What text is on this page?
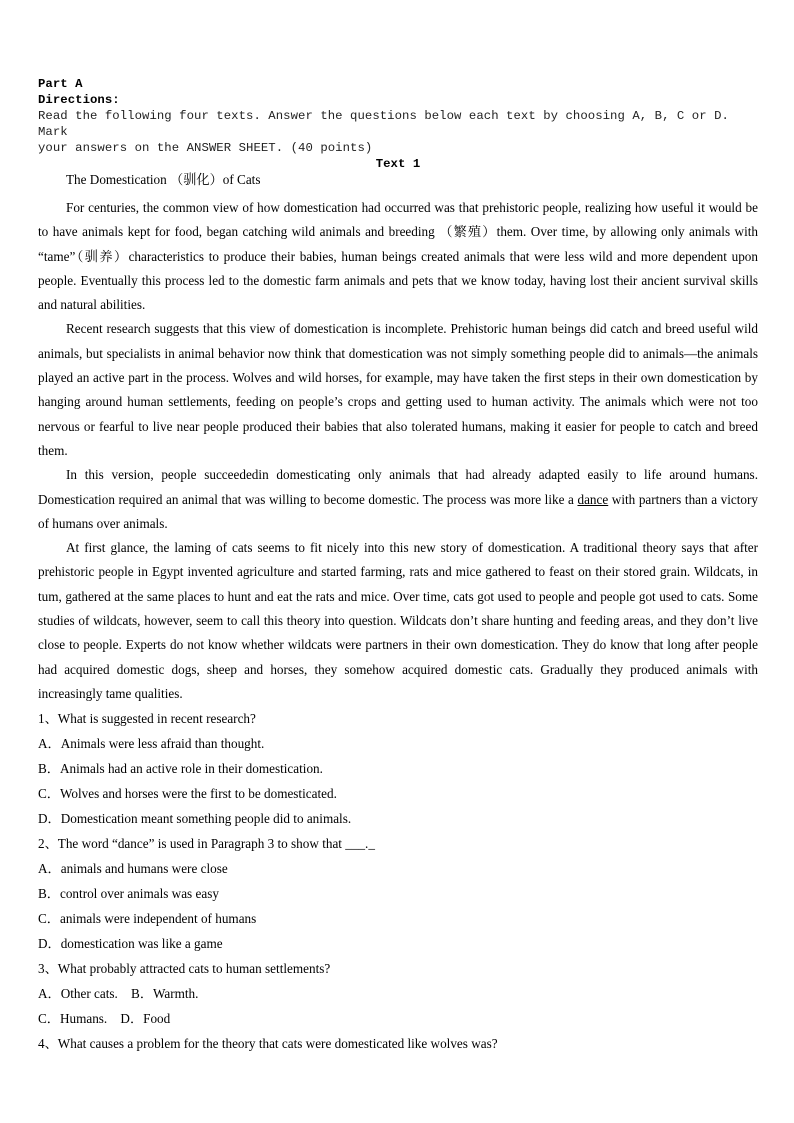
Part A
Directions:
Read the following four texts. Answer the questions below each text by choosing A, B, C or D. Mark
your answers on the ANSWER SHEET. (40 points)
Text 1
The Domestication （驯化）of Cats

For centuries, the common view of how domestication had occurred was that prehistoric people, realizing how useful it would be to have animals kept for food, began catching wild animals and breeding （繁殖）them. Over time, by allowing only animals with “tame”（驯养）characteristics to produce their babies, human beings created animals that were less wild and more dependent upon people. Eventually this process led to the domestic farm animals and pets that we know today, having lost their ancient survival skills and natural abilities.

Recent research suggests that this view of domestication is incomplete. Prehistoric human beings did catch and breed useful wild animals, but specialists in animal behavior now think that domestication was not simply something people did to animals—the animals played an active part in the process. Wolves and wild horses, for example, may have taken the first steps in their own domestication by hanging around human settlements, feeding on people’s crops and getting used to human activity. The animals which were not too nervous or fearful to live near people produced their babies that also tolerated humans, making it easier for people to catch and breed them.

In this version, people succeededin domesticating only animals that had already adapted easily to life around humans. Domestication required an animal that was willing to become domestic. The process was more like a dance with partners than a victory of humans over animals.

At first glance, the laming of cats seems to fit nicely into this new story of domestication. A traditional theory says that after prehistoric people in Egypt invented agriculture and started farming, rats and mice gathered to feast on their stored grain. Wildcats, in tum, gathered at the same places to hunt and eat the rats and mice. Over time, cats got used to people and people got used to cats. Some studies of wildcats, however, seem to call this theory into question. Wildcats don’t share hunting and feeding areas, and they don’t live close to people. Experts do not know whether wildcats were partners in their own domestication. They do know that long after people had acquired domestic dogs, sheep and horses, they somehow acquired domestic cats. Gradually they produced animals with increasingly tame qualities.

1、What is suggested in recent research?

A．Animals were less afraid than thought.

B．Animals had an active role in their domestication.

C．Wolves and horses were the first to be domesticated.

D．Domestication meant something people did to animals.

2、The word “dance” is used in Paragraph 3 to show that ___._

A．animals and humans were close

B．control over animals was easy

C．animals were independent of humans

D．domestication was like a game

3、What probably attracted cats to human settlements?

A．Other cats.    B．Warmth.

C．Humans.    D．Food

4、What causes a problem for the theory that cats were domesticated like wolves was?
